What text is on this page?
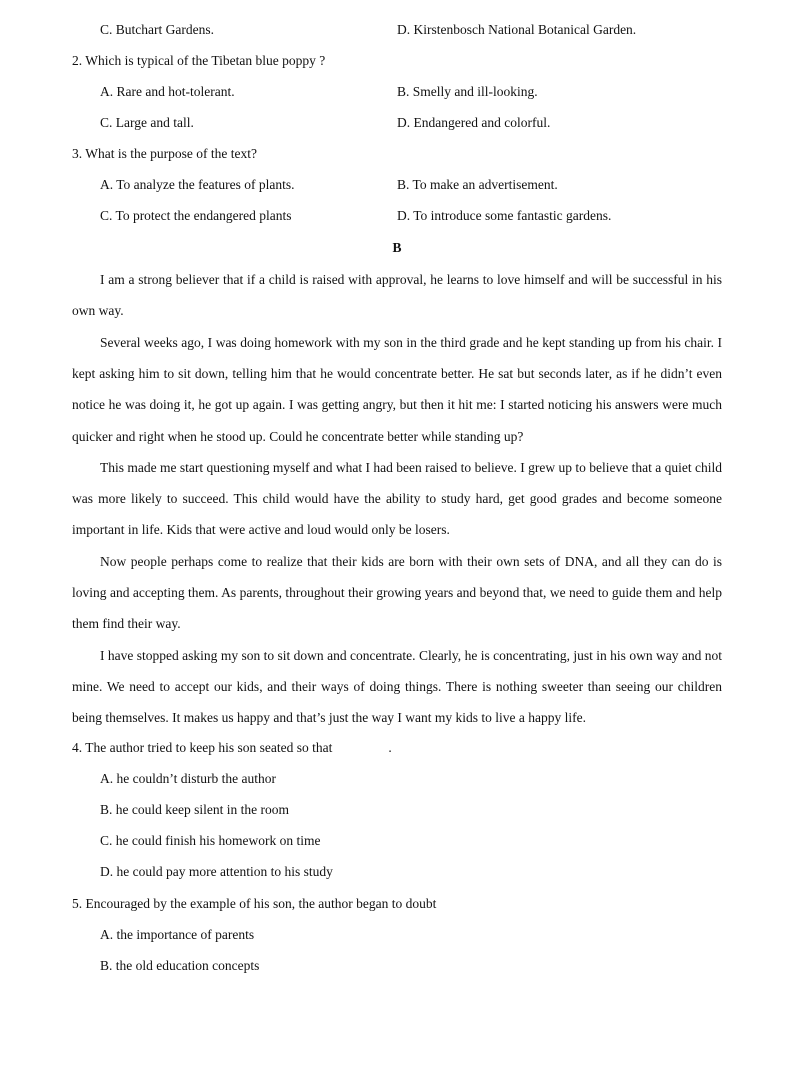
C. Butchart Gardens.	D. Kirstenbosch National Botanical Garden.
2. Which is typical of the Tibetan blue poppy ?
A. Rare and hot-tolerant.	B. Smelly and ill-looking.
C. Large and tall.	D. Endangered and colorful.
3. What is the purpose of the text?
A. To analyze the features of plants.	B. To make an advertisement.
C. To protect the endangered plants	D. To introduce some fantastic gardens.
B
I am a strong believer that if a child is raised with approval, he learns to love himself and will be successful in his own way.
Several weeks ago, I was doing homework with my son in the third grade and he kept standing up from his chair. I kept asking him to sit down, telling him that he would concentrate better. He sat but seconds later, as if he didn’t even notice he was doing it, he got up again. I was getting angry, but then it hit me: I started noticing his answers were much quicker and right when he stood up. Could he concentrate better while standing up?
This made me start questioning myself and what I had been raised to believe. I grew up to believe that a quiet child was more likely to succeed. This child would have the ability to study hard, get good grades and become someone important in life. Kids that were active and loud would only be losers.
Now people perhaps come to realize that their kids are born with their own sets of DNA, and all they can do is loving and accepting them. As parents, throughout their growing years and beyond that, we need to guide them and help them find their way.
I have stopped asking my son to sit down and concentrate. Clearly, he is concentrating, just in his own way and not mine. We need to accept our kids, and their ways of doing things. There is nothing sweeter than seeing our children being themselves. It makes us happy and that’s just the way I want my kids to live a happy life.
4. The author tried to keep his son seated so that	.
A. he couldn’t disturb the author
B. he could keep silent in the room
C. he could finish his homework on time
D. he could pay more attention to his study
5. Encouraged by the example of his son, the author began to doubt
A. the importance of parents
B. the old education concepts
